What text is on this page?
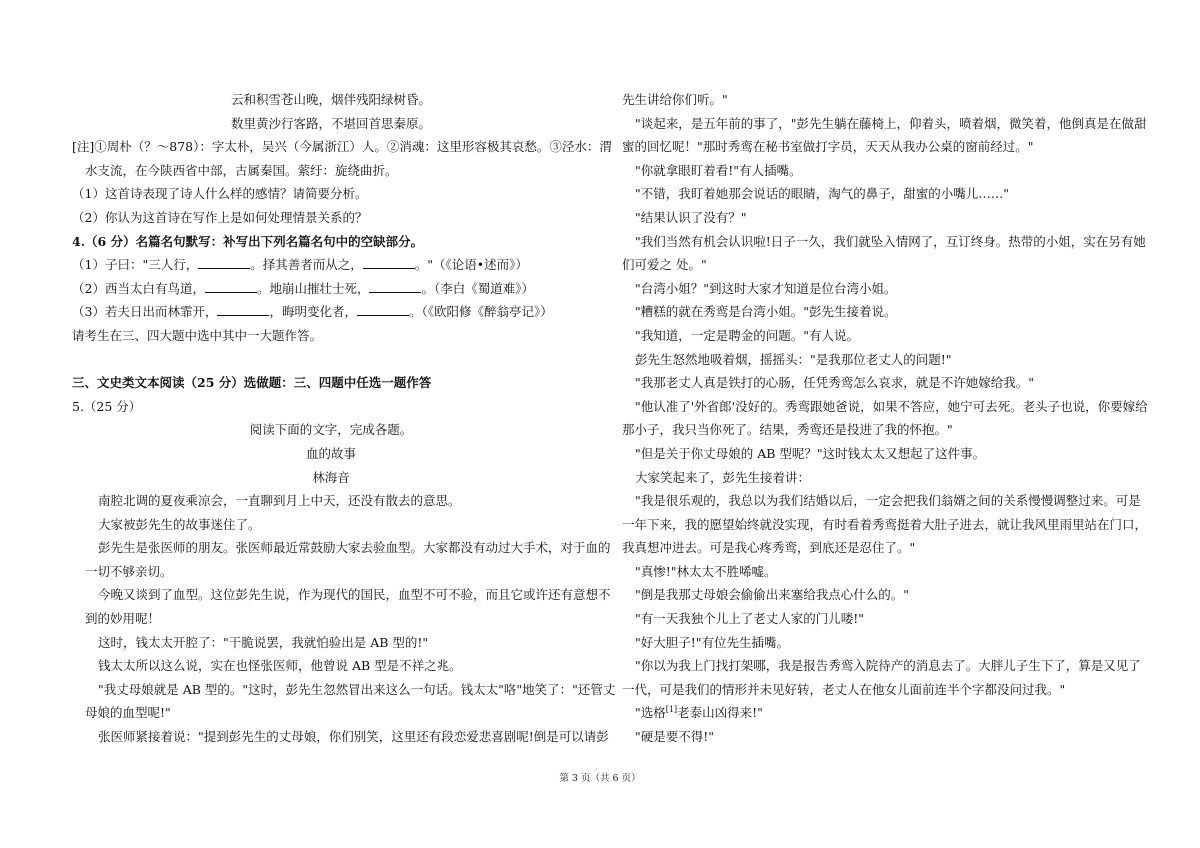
云和积雪苍山晚，烟伴残阳绿树昏。
数里黄沙行客路，不堪回首思秦原。
[注]①周朴（？～878）：字太朴，吴兴（今属浙江）人。②消魂：这里形容极其哀愁。③泾水：渭
水支流，在今陕西省中部，古属秦国。萦纡：旋绕曲折。
（1）这首诗表现了诗人什么样的感情？请简要分析。
（2）你认为这首诗在写作上是如何处理情景关系的？
4.（6 分）名篇名句默写：补写出下列名篇名句中的空缺部分。
（1）子曰："三人行，	。择其善者而从之，	。"（《论语•述而》）
（2）西当太白有鸟道，	。地崩山摧壮士死，	。（李白《蜀道难》）
（3）若夫日出而林霏开，	，晦明变化者，	。（《欧阳修《醉翁亭记》）
请考生在三、四大题中选中其中一大题作答。
三、文史类文本阅读（25 分）选做题：三、四题中任选一题作答
5.（25 分）
阅读下面的文字，完成各题。
血的故事
林海音
南腔北调的夏夜乘凉会，一直聊到月上中天，还没有散去的意思。
大家被彭先生的故事迷住了。
彭先生是张医师的朋友。张医师最近常鼓励大家去验血型。大家都没有动过大手术，对于血的
一切不够亲切。
今晚又谈到了血型。这位彭先生说，作为现代的国民，血型不可不验，而且它或许还有意想不
到的妙用呢！
这时，钱太太开腔了："干脆说罢，我就怕验出是 AB 型的!"
钱太太所以这么说，实在也怪张医师，他曾说 AB 型是不祥之兆。
"我丈母娘就是 AB 型的。"这时，彭先生忽然冒出来这么一句话。钱太太"咯"地笑了："还管丈
母娘的血型呢!"
张医师紧接着说："提到彭先生的丈母娘，你们别笑，这里还有段恋爱悲喜剧呢!倒是可以请彭
先生讲给你们听。"
"谈起来，是五年前的事了，"彭先生躺在藤椅上，仰着头，喷着烟，微笑着，他倒真是在做甜
蜜的回忆呢！"那时秀鸾在秘书室做打字员，天天从我办公桌的窗前经过。"
"你就拿眼盯着看!"有人插嘴。
"不错，我盯着她那会说话的眼睛，淘气的鼻子，甜蜜的小嘴儿……"
"结果认识了没有？"
"我们当然有机会认识啦!日子一久，我们就坠入情网了，互订终身。热带的小姐，实在另有她
们可爱之 处。"
"台湾小姐？"到这时大家才知道是位台湾小姐。
"糟糕的就在秀鸾是台湾小姐。"彭先生接着说。
"我知道，一定是聘金的问题。"有人说。
彭先生怒然地吸着烟，摇摇头："是我那位老丈人的问题!"
"我那老丈人真是铁打的心肠，任凭秀鸾怎么哀求，就是不许她嫁给我。"
"他认准了'外省郎'没好的。秀鸾跟她爸说，如果不答应，她宁可去死。老头子也说，你要嫁给
那小子，我只当你死了。结果，秀鸾还是投进了我的怀抱。"
"但是关于你丈母娘的 AB 型呢？"这时钱太太又想起了这件事。
大家笑起来了，彭先生接着讲：
"我是很乐观的，我总以为我们结婚以后，一定会把我们翁婿之间的关系慢慢调整过来。可是
一年下来，我的愿望始终就没实现，有时看着秀鸾挺着大肚子进去，就让我风里雨里站在门口，
我真想冲进去。可是我心疼秀鸾，到底还是忍住了。"
"真惨!"林太太不胜唏嘘。
"倒是我那丈母娘会偷偷出来塞给我点心什么的。"
"有一天我独个儿上了老丈人家的门儿喽!"
"好大胆子!"有位先生插嘴。
"你以为我上门找打架哪，我是报告秀鸾入院待产的消息去了。大胖儿子生下了，算是又见了
一代，可是我们的情形并未见好转，老丈人在他女儿面前连半个字都没问过我。"
"选格[1]老泰山凶得来!"
"硬是要不得!"
第 3 页（共 6 页）
